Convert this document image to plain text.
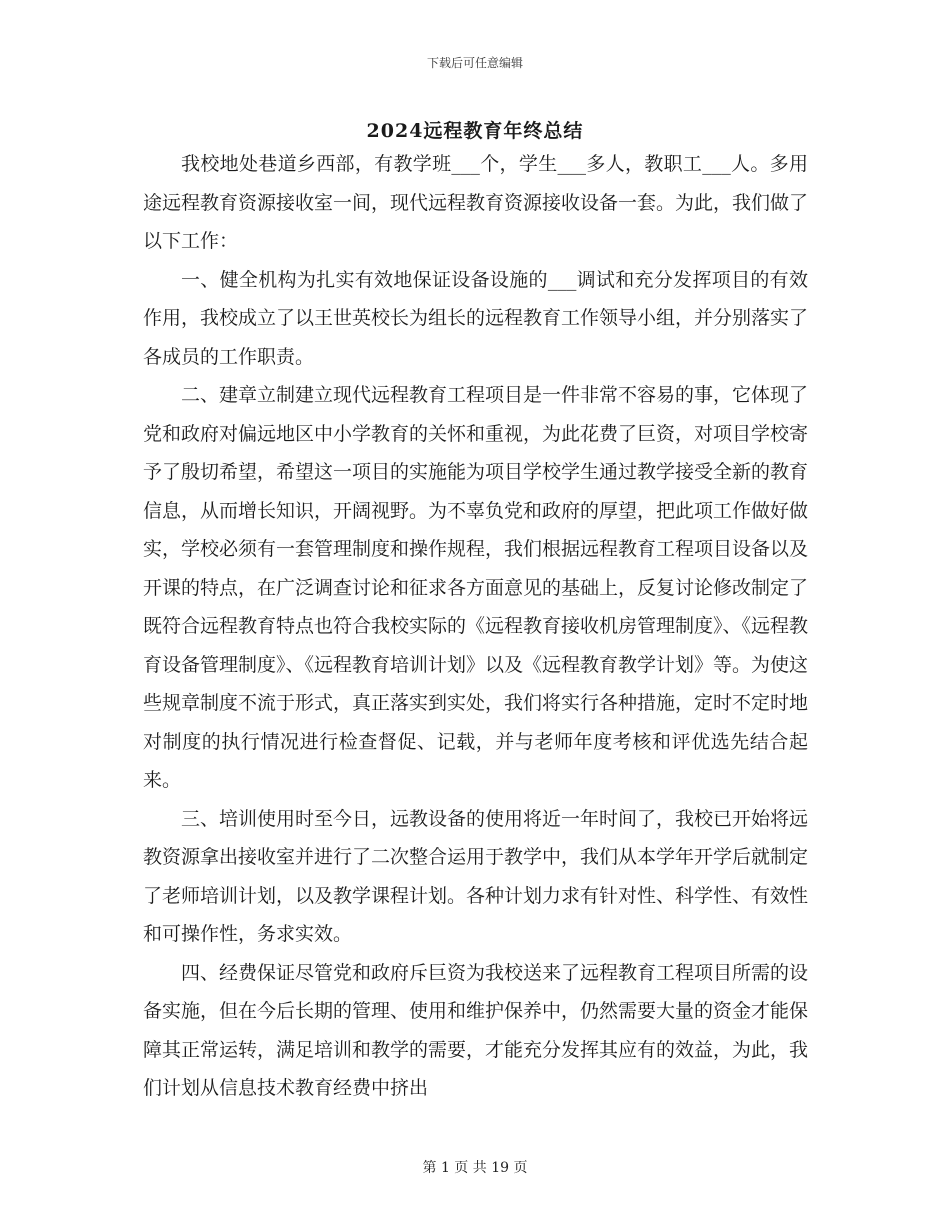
下载后可任意编辑
2024远程教育年终总结

我校地处巷道乡西部，有教学班___个，学生___多人，教职工___人。多用途远程教育资源接收室一间，现代远程教育资源接收设备一套。为此，我们做了以下工作：

一、健全机构为扎实有效地保证设备设施的___调试和充分发挥项目的有效作用，我校成立了以王世英校长为组长的远程教育工作领导小组，并分别落实了各成员的工作职责。

二、建章立制建立现代远程教育工程项目是一件非常不容易的事，它体现了党和政府对偏远地区中小学教育的关怀和重视，为此花费了巨资，对项目学校寄予了殷切希望，希望这一项目的实施能为项目学校学生通过教学接受全新的教育信息，从而增长知识，开阔视野。为不辜负党和政府的厚望，把此项工作做好做实，学校必须有一套管理制度和操作规程，我们根据远程教育工程项目设备以及开课的特点，在广泛调查讨论和征求各方面意见的基础上，反复讨论修改制定了既符合远程教育特点也符合我校实际的《远程教育接收机房管理制度》、《远程教育设备管理制度》、《远程教育培训计划》以及《远程教育教学计划》等。为使这些规章制度不流于形式，真正落实到实处，我们将实行各种措施，定时不定时地对制度的执行情况进行检查督促、记载，并与老师年度考核和评优选先结合起来。

三、培训使用时至今日，远教设备的使用将近一年时间了，我校已开始将远教资源拿出接收室并进行了二次整合运用于教学中，我们从本学年开学后就制定了老师培训计划，以及教学课程计划。各种计划力求有针对性、科学性、有效性和可操作性，务求实效。

四、经费保证尽管党和政府斥巨资为我校送来了远程教育工程项目所需的设备实施，但在今后长期的管理、使用和维护保养中，仍然需要大量的资金才能保障其正常运转，满足培训和教学的需要，才能充分发挥其应有的效益，为此，我们计划从信息技术教育经费中挤出

第 1 页 共 19 页
